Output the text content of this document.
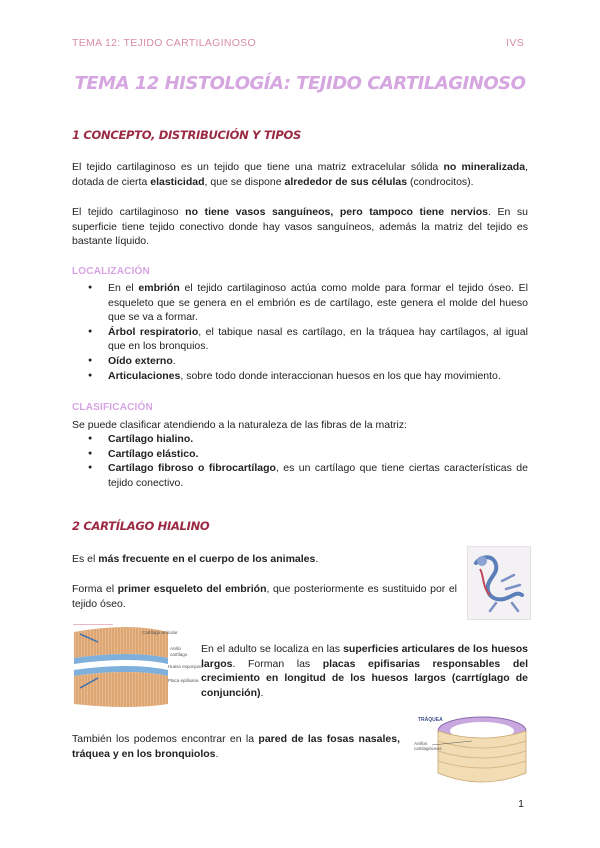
TEMA 12: TEJIDO CARTILAGINOSO	IVS
TEMA 12 HISTOLOGÍA: TEJIDO CARTILAGINOSO
1 CONCEPTO, DISTRIBUCIÓN Y TIPOS
El tejido cartilaginoso es un tejido que tiene una matriz extracelular sólida no mineralizada, dotada de cierta elasticidad, que se dispone alrededor de sus células (condrocitos).
El tejido cartilaginoso no tiene vasos sanguíneos, pero tampoco tiene nervios. En su superficie tiene tejido conectivo donde hay vasos sanguíneos, además la matriz del tejido es bastante líquido.
LOCALIZACIÓN
● En el embrión el tejido cartilaginoso actúa como molde para formar el tejido óseo. El esqueleto que se genera en el embrión es de cartílago, este genera el molde del hueso que se va a formar.
● Árbol respiratorio, el tabique nasal es cartílago, en la tráquea hay cartílagos, al igual que en los bronquios.
● Oído externo.
● Articulaciones, sobre todo donde interaccionan huesos en los que hay movimiento.
CLASIFICACIÓN
Se puede clasificar atendiendo a la naturaleza de las fibras de la matriz:
● Cartílago hialino.
● Cartílago elástico.
● Cartílago fibroso o fibrocartílago, es un cartílago que tiene ciertas características de tejido conectivo.
2 CARTÍLAGO HIALINO
Es el más frecuente en el cuerpo de los animales.
Forma el primer esqueleto del embrión, que posteriormente es sustituido por el tejido óseo.
Cartílago articular
Anillo
cartílago
Hueso esponjoso
Placa epifisaria
En el adulto se localiza en las superficies articulares de los huesos largos. Forman las placas epifisarias responsables del crecimiento en longitud de los huesos largos (carrtíglago de conjunción).
También los podemos encontrar en la pared de las fosas nasales, tráquea y en los bronquiolos.
TRÁQUEA
Anillos
cartilaginosos
1
